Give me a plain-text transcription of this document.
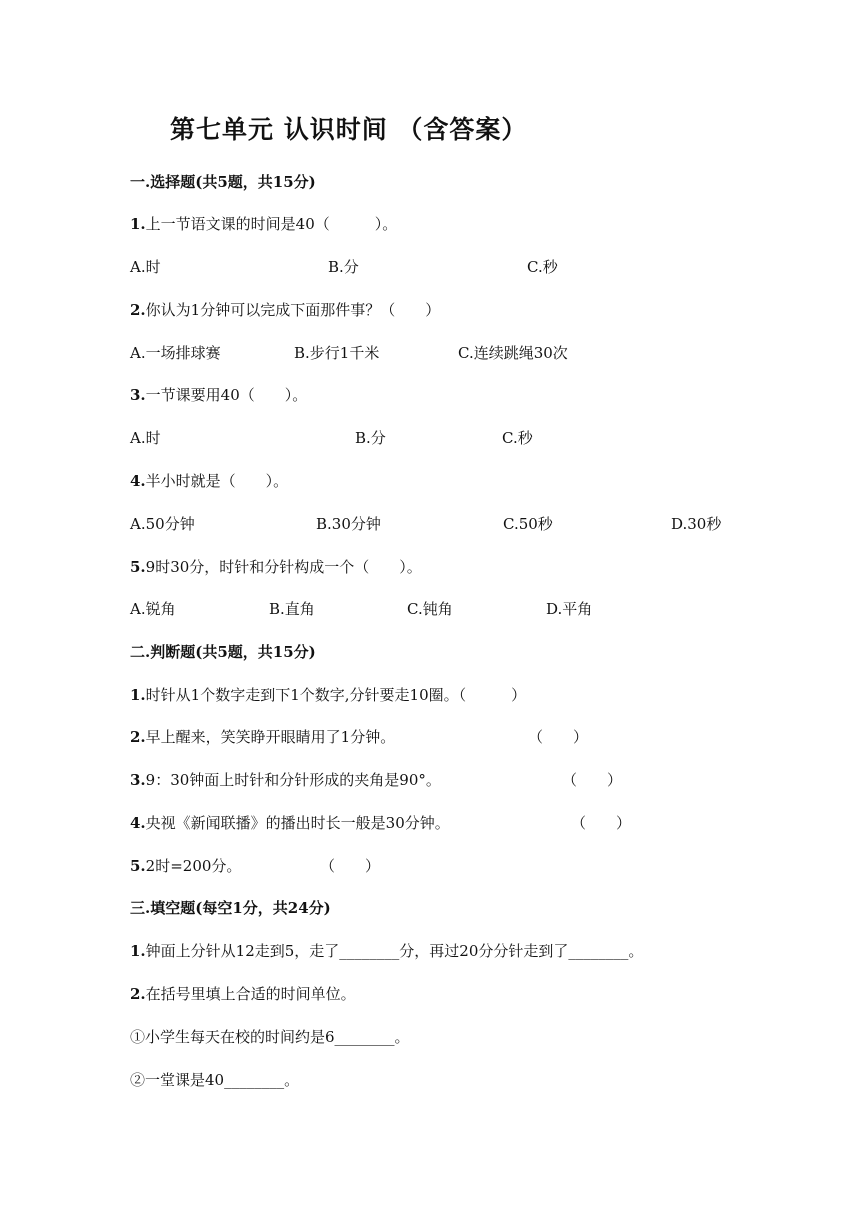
第七单元 认识时间 （含答案）
一.选择题(共5题，共15分)
1.上一节语文课的时间是40（　　　）。
A.时	B.分	C.秒
2.你认为1分钟可以完成下面那件事？（　　）
A.一场排球赛	B.步行1千米	C.连续跳绳30次
3.一节课要用40（　　）。
A.时	B.分	C.秒
4.半小时就是（　　）。
A.50分钟	B.30分钟	C.50秒	D.30秒
5.9时30分，时针和分针构成一个（　　）。
A.锐角	B.直角	C.钝角	D.平角
二.判断题(共5题，共15分)
1.时针从1个数字走到下1个数字,分针要走10圈。（　　　）
2.早上醒来，笑笑睁开眼睛用了1分钟。	（　　）
3.9：30钟面上时针和分针形成的夹角是90°。	（　　）
4.央视《新闻联播》的播出时长一般是30分钟。	（　　）
5.2时=200分。	（　　）
三.填空题(每空1分，共24分)
1.钟面上分针从12走到5，走了________分，再过20分分针走到了________。
2.在括号里填上合适的时间单位。
①小学生每天在校的时间约是6________。
②一堂课是40________。
